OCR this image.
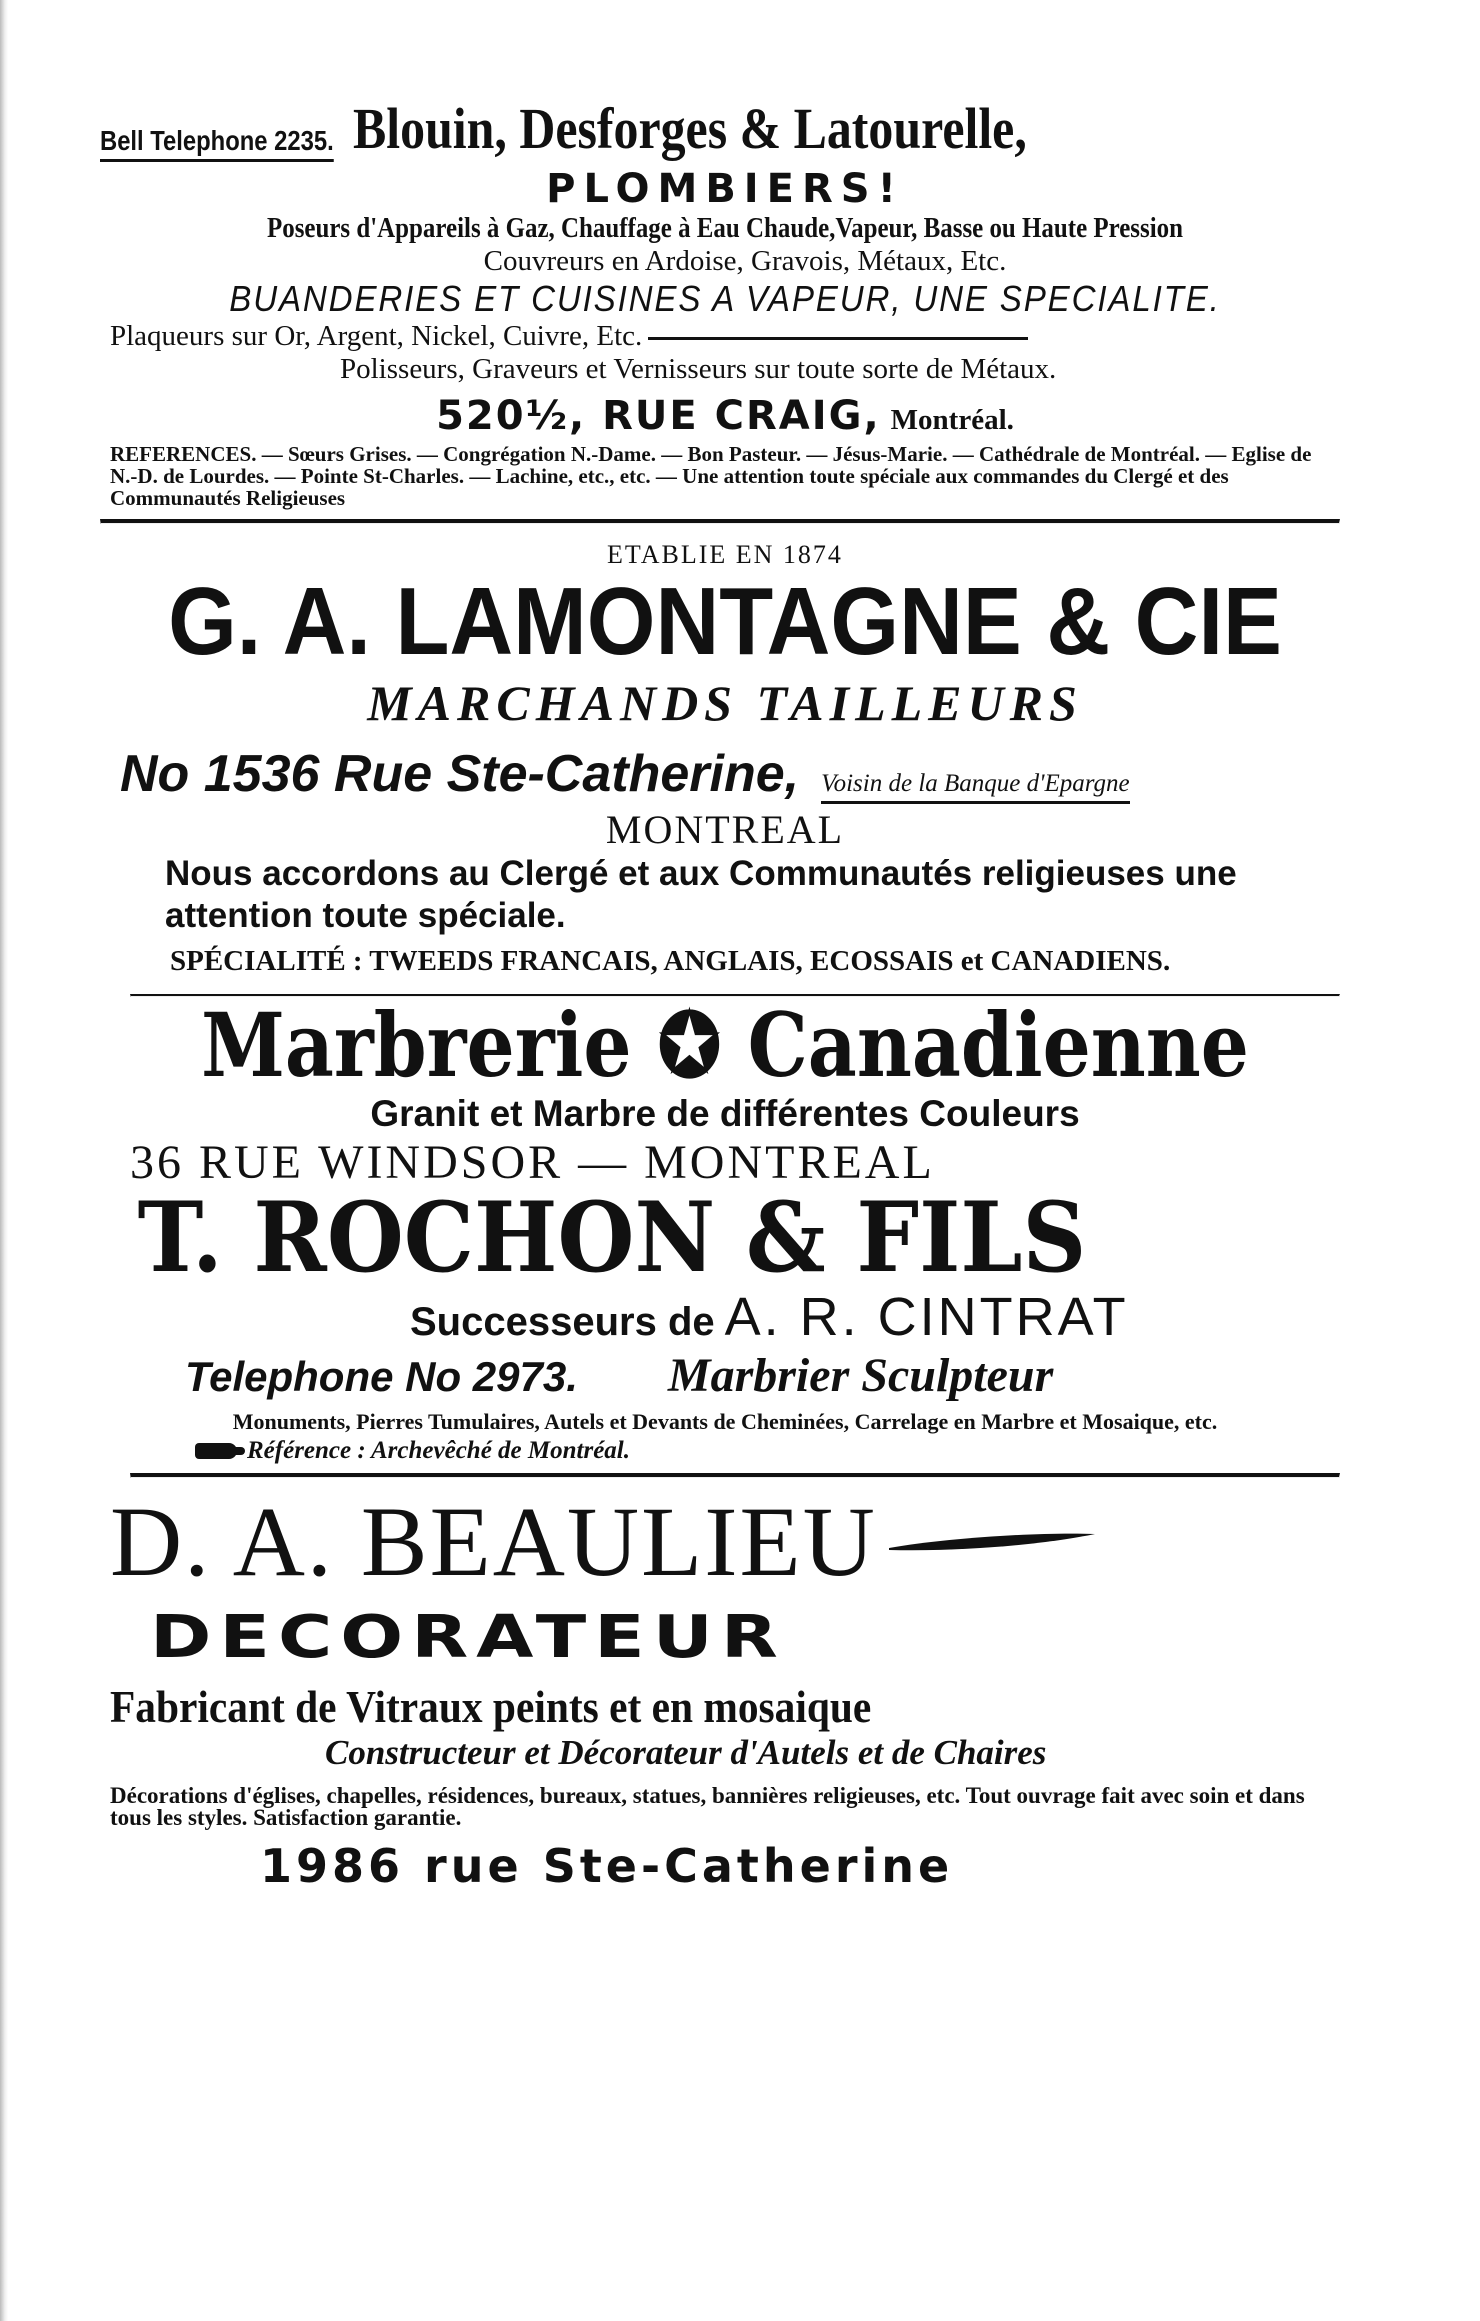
Bell Telephone 2235. Blouin, Desforges & Latourelle,
PLOMBIERS!
Poseurs d'Appareils à Gaz, Chauffage à Eau Chaude,Vapeur, Basse ou Haute Pression
Couvreurs en Ardoise, Gravois, Métaux, Etc.
BUANDERIES ET CUISINES A VAPEUR, UNE SPECIALITE.
Plaqueurs sur Or, Argent, Nickel, Cuivre, Etc.
Polisseurs, Graveurs et Vernisseurs sur toute sorte de Métaux.
520½, RUE CRAIG, Montréal.
REFERENCES. — Sœurs Grises. — Congrégation N.-Dame. — Bon Pasteur. — Jésus-Marie. — Cathédrale de Montréal. — Eglise de N.-D. de Lourdes. — Pointe St-Charles. — Lachine, etc., etc. — Une attention toute spéciale aux commandes du Clergé et des Communautés Religieuses
ETABLIE EN 1874
G. A. LAMONTAGNE & CIE
MARCHANDS TAILLEURS
No 1536 Rue Ste-Catherine, Voisin de la Banque d'Epargne
MONTREAL
Nous accordons au Clergé et aux Communautés religieuses une attention toute spéciale.
SPÉCIALITÉ : TWEEDS FRANCAIS, ANGLAIS, ECOSSAIS et CANADIENS.
Marbrerie ✪ Canadienne
Granit et Marbre de différentes Couleurs
36 RUE WINDSOR — MONTREAL
T. ROCHON & FILS
Successeurs de A. R. CINTRAT
Telephone No 2973. Marbrier Sculpteur
Monuments, Pierres Tumulaires, Autels et Devants de Cheminées, Carrelage en Marbre et Mosaique, etc.
Référence : Archevêché de Montréal.
D. A. BEAULIEU
DECORATEUR
Fabricant de Vitraux peints et en mosaique
Constructeur et Décorateur d'Autels et de Chaires
Décorations d'églises, chapelles, résidences, bureaux, statues, bannières religieuses, etc. Tout ouvrage fait avec soin et dans tous les styles. Satisfaction garantie.
1986 rue Ste-Catherine
